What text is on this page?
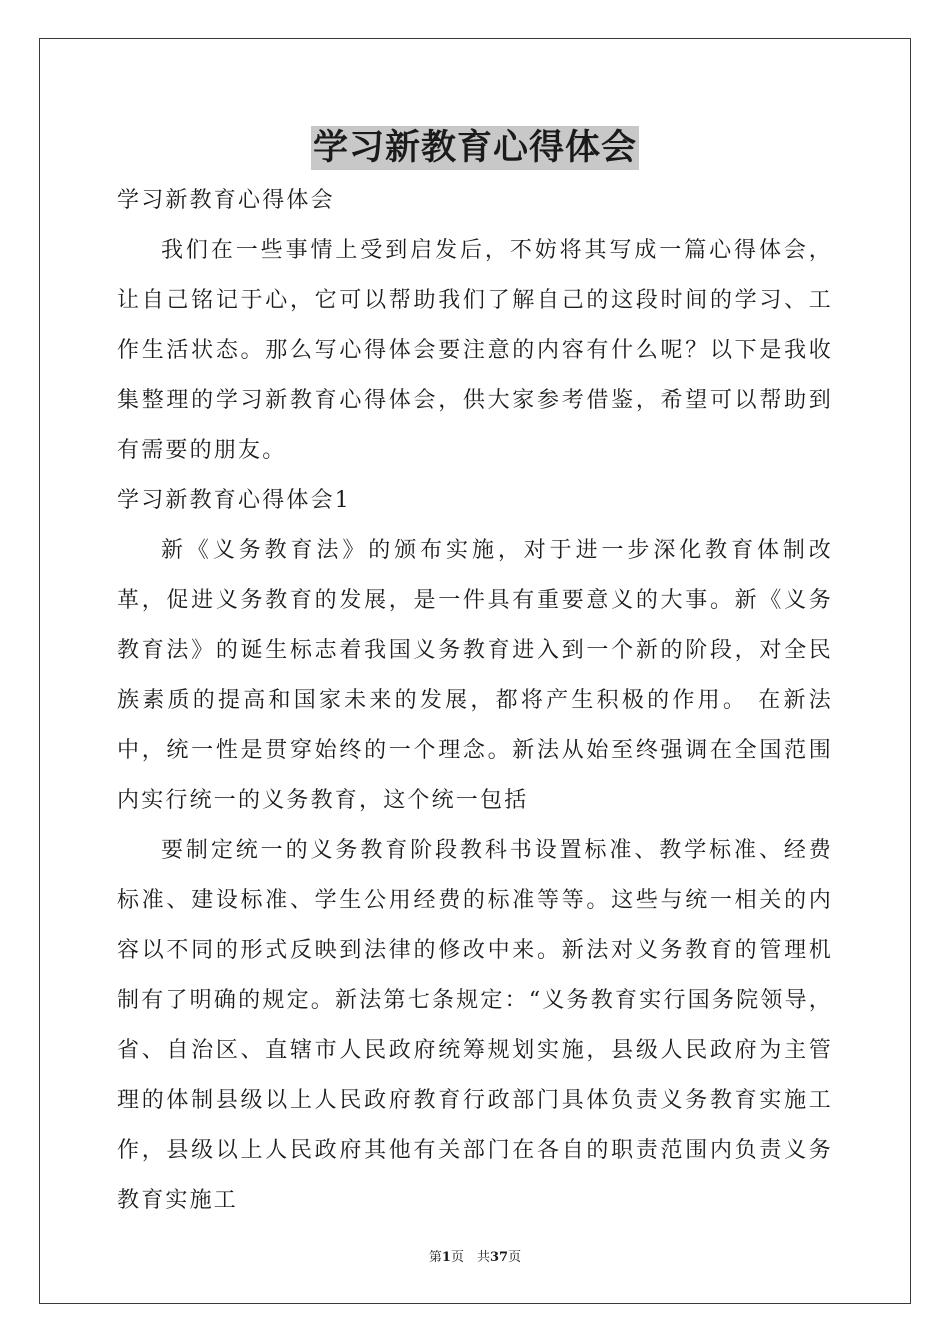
学习新教育心得体会

学习新教育心得体会

我们在一些事情上受到启发后，不妨将其写成一篇心得体会，让自己铭记于心，它可以帮助我们了解自己的这段时间的学习、工作生活状态。那么写心得体会要注意的内容有什么呢？以下是我收集整理的学习新教育心得体会，供大家参考借鉴，希望可以帮助到有需要的朋友。

学习新教育心得体会1

新《义务教育法》的颁布实施，对于进一步深化教育体制改革，促进义务教育的发展，是一件具有重要意义的大事。新《义务教育法》的诞生标志着我国义务教育进入到一个新的阶段，对全民族素质的提高和国家未来的发展，都将产生积极的作用。 在新法中，统一性是贯穿始终的一个理念。新法从始至终强调在全国范围内实行统一的义务教育，这个统一包括

要制定统一的义务教育阶段教科书设置标准、教学标准、经费标准、建设标准、学生公用经费的标准等等。这些与统一相关的内容以不同的形式反映到法律的修改中来。新法对义务教育的管理机制有了明确的规定。新法第七条规定：“义务教育实行国务院领导，省、自治区、直辖市人民政府统筹规划实施，县级人民政府为主管理的体制县级以上人民政府教育行政部门具体负责义务教育实施工作，县级以上人民政府其他有关部门在各自的职责范围内负责义务教育实施工

第1页　共37页
